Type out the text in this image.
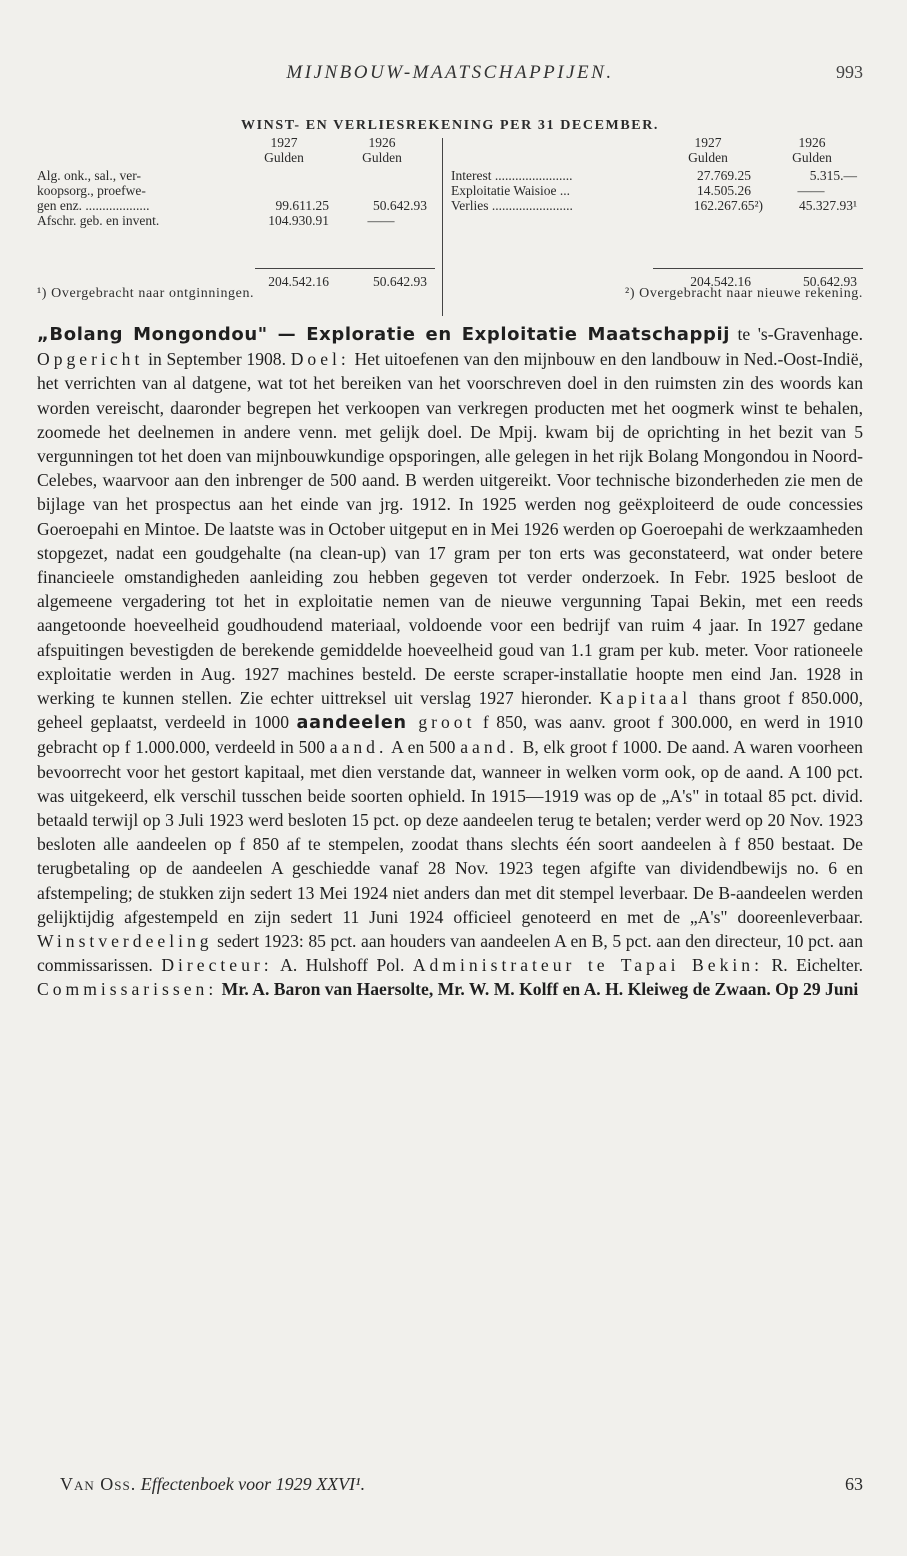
MIJNBOUW-MAATSCHAPPIJEN.	993
WINST- EN VERLIESREKENING PER 31 DECEMBER.
1927	1926
Gulden	Gulden
Alg. onk., sal., ver-
koopsorg., proefwe-
gen enz. ...................	99.611.25	50.642.93
Afschr. geb. en invent.	104.930.91	——
204.542.16	50.642.93
1927	1926
Gulden	Gulden
Interest .......................	27.769.25	5.315.—
Exploitatie Waisioe ...	14.505.26	——
Verlies ........................	162.267.65²)	45.327.93¹
204.542.16	50.642.93
¹) Overgebracht naar ontginningen.	²) Overgebracht naar nieuwe rekening.

„Bolang Mongondou" — Exploratie en Exploitatie Maatschappij te 's-Gravenhage. Opgericht in September 1908. Doel: Het uitoefenen van den mijnbouw en den landbouw in Ned.-Oost-Indië, het verrichten van al datgene, wat tot het bereiken van het voorschreven doel in den ruimsten zin des woords kan worden vereischt, daaronder begrepen het verkoopen van verkregen producten met het oogmerk winst te behalen, zoomede het deelnemen in andere venn. met gelijk doel. De Mpij. kwam bij de oprichting in het bezit van 5 vergunningen tot het doen van mijnbouwkundige opsporingen, alle gelegen in het rijk Bolang Mongondou in Noord-Celebes, waarvoor aan den inbrenger de 500 aand. B werden uitgereikt. Voor technische bizonderheden zie men de bijlage van het prospectus aan het einde van jrg. 1912. In 1925 werden nog geëxploiteerd de oude concessies Goeroepahi en Mintoe. De laatste was in October uitgeput en in Mei 1926 werden op Goeroepahi de werkzaamheden stopgezet, nadat een goudgehalte (na clean-up) van 17 gram per ton erts was geconstateerd, wat onder betere financieele omstandigheden aanleiding zou hebben gegeven tot verder onderzoek. In Febr. 1925 besloot de algemeene vergadering tot het in exploitatie nemen van de nieuwe vergunning Tapai Bekin, met een reeds aangetoonde hoeveelheid goudhoudend materiaal, voldoende voor een bedrijf van ruim 4 jaar. In 1927 gedane afspuitingen bevestigden de berekende gemiddelde hoeveelheid goud van 1.1 gram per kub. meter. Voor rationeele exploitatie werden in Aug. 1927 machines besteld. De eerste scraper-installatie hoopte men eind Jan. 1928 in werking te kunnen stellen. Zie echter uittreksel uit verslag 1927 hieronder. Kapitaal thans groot f 850.000, geheel geplaatst, verdeeld in 1000 aandeelen groot f 850, was aanv. groot f 300.000, en werd in 1910 gebracht op f 1.000.000, verdeeld in 500 aand. A en 500 aand. B, elk groot f 1000. De aand. A waren voorheen bevoorrecht voor het gestort kapitaal, met dien verstande dat, wanneer in welken vorm ook, op de aand. A 100 pct. was uitgekeerd, elk verschil tusschen beide soorten ophield. In 1915—1919 was op de „A's" in totaal 85 pct. divid. betaald terwijl op 3 Juli 1923 werd besloten 15 pct. op deze aandeelen terug te betalen; verder werd op 20 Nov. 1923 besloten alle aandeelen op f 850 af te stempelen, zoodat thans slechts één soort aandeelen à f 850 bestaat. De terugbetaling op de aandeelen A geschiedde vanaf 28 Nov. 1923 tegen afgifte van dividendbewijs no. 6 en afstempeling; de stukken zijn sedert 13 Mei 1924 niet anders dan met dit stempel leverbaar. De B-aandeelen werden gelijktijdig afgestempeld en zijn sedert 11 Juni 1924 officieel genoteerd en met de „A's" dooreenleverbaar. Winstverdeeling sedert 1923: 85 pct. aan houders van aandeelen A en B, 5 pct. aan den directeur, 10 pct. aan commissarissen. Directeur: A. Hulshoff Pol. Administrateur te Tapai Bekin: R. Eichelter. Commissarissen: Mr. A. Baron van Haersolte, Mr. W. M. Kolff en A. H. Kleiweg de Zwaan. Op 29 Juni

Van Oss. Effectenboek voor 1929 XXVI¹.	63
